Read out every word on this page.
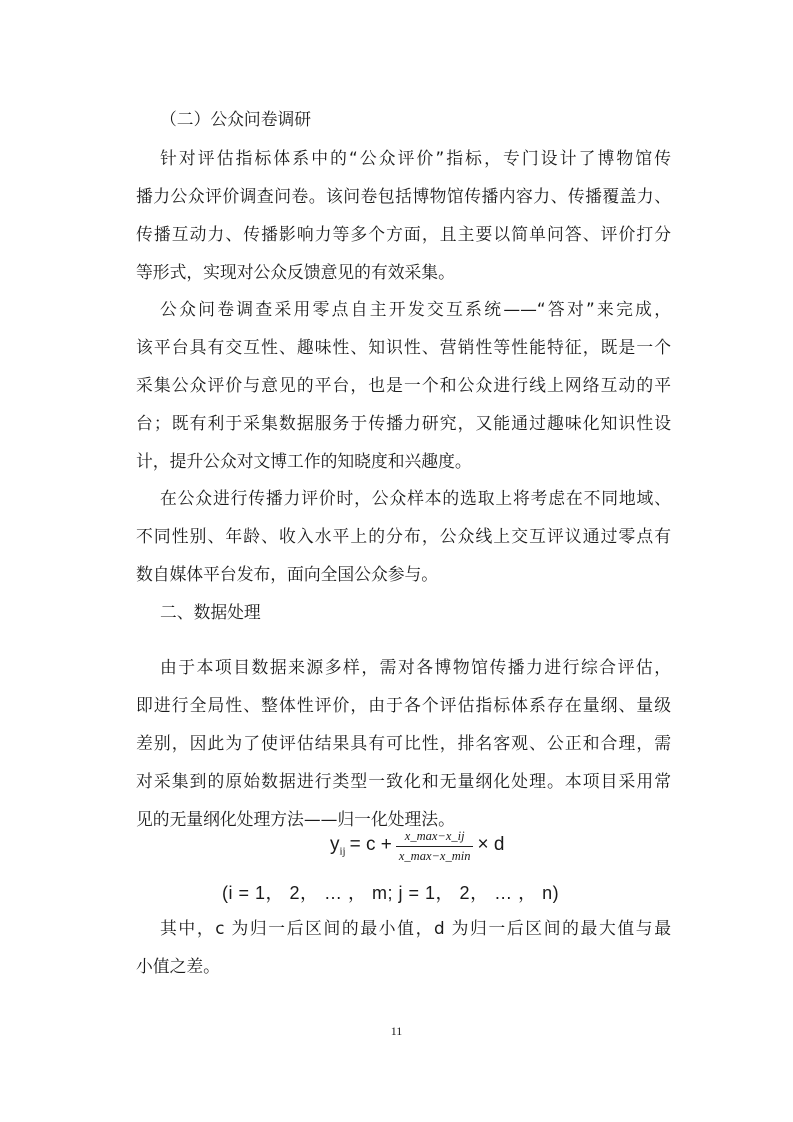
（二）公众问卷调研
针对评估指标体系中的“公众评价”指标，专门设计了博物馆传
播力公众评价调查问卷。该问卷包括博物馆传播内容力、传播覆盖力、
传播互动力、传播影响力等多个方面，且主要以简单问答、评价打分
等形式，实现对公众反馈意见的有效采集。
公众问卷调查采用零点自主开发交互系统——“答对”来完成，
该平台具有交互性、趣味性、知识性、营销性等性能特征，既是一个
采集公众评价与意见的平台，也是一个和公众进行线上网络互动的平
台；既有利于采集数据服务于传播力研究，又能通过趣味化知识性设
计，提升公众对文博工作的知晓度和兴趣度。
在公众进行传播力评价时，公众样本的选取上将考虑在不同地域、
不同性别、年龄、收入水平上的分布，公众线上交互评议通过零点有
数自媒体平台发布，面向全国公众参与。
二、数据处理
由于本项目数据来源多样，需对各博物馆传播力进行综合评估，
即进行全局性、整体性评价，由于各个评估指标体系存在量纲、量级
差别，因此为了使评估结果具有可比性，排名客观、公正和合理，需
对采集到的原始数据进行类型一致化和无量纲化处理。本项目采用常
见的无量纲化处理方法——归一化处理法。
$y_{ij} = c + \frac{x\_\max-x\_ij}{x\_\max-x\_\min} \times d$
(i = 1， 2， … ， m; j = 1， 2， … ， n)
其中，c 为归一后区间的最小值，d 为归一后区间的最大值与最
小值之差。
11
